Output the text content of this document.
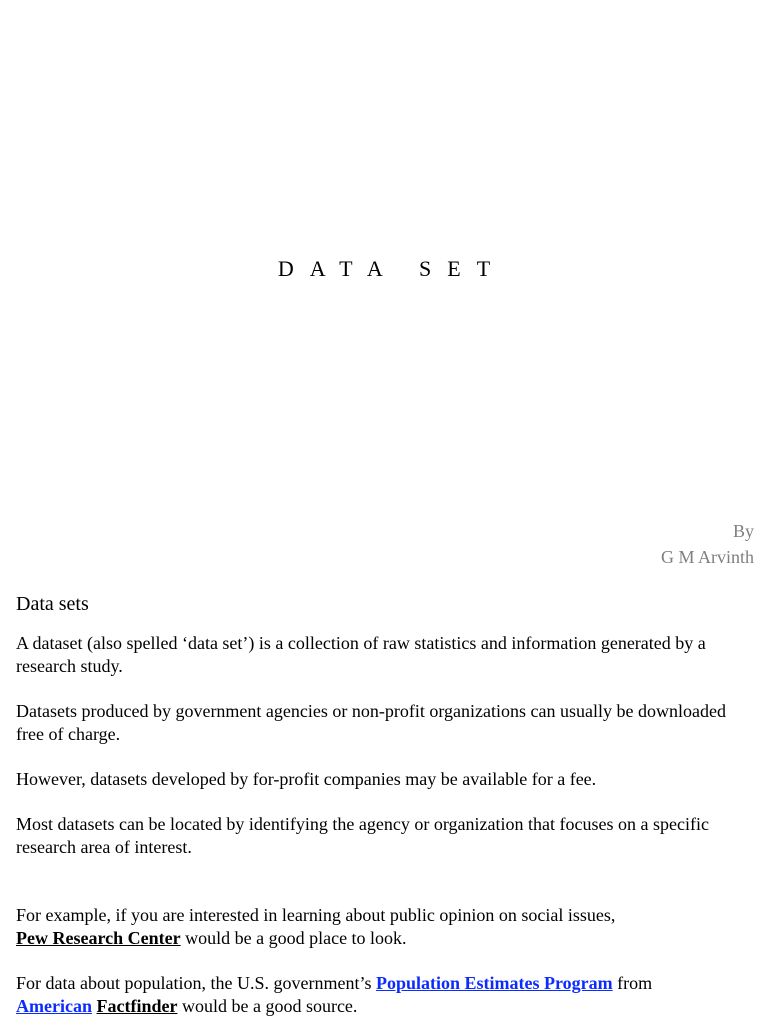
DATA SET
By
G M Arvinth
Data sets

A dataset (also spelled ‘data set’) is a collection of raw statistics and information generated by a research study.

Datasets produced by government agencies or non-profit organizations can usually be downloaded free of charge.

However, datasets developed by for-profit companies may be available for a fee.

Most datasets can be located by identifying the agency or organization that focuses on a specific research area of interest.

For example, if you are interested in learning about public opinion on social issues,
Pew Research Center would be a good place to look.

For data about population, the U.S. government’s Population Estimates Program from
American Factfinder would be a good source.
